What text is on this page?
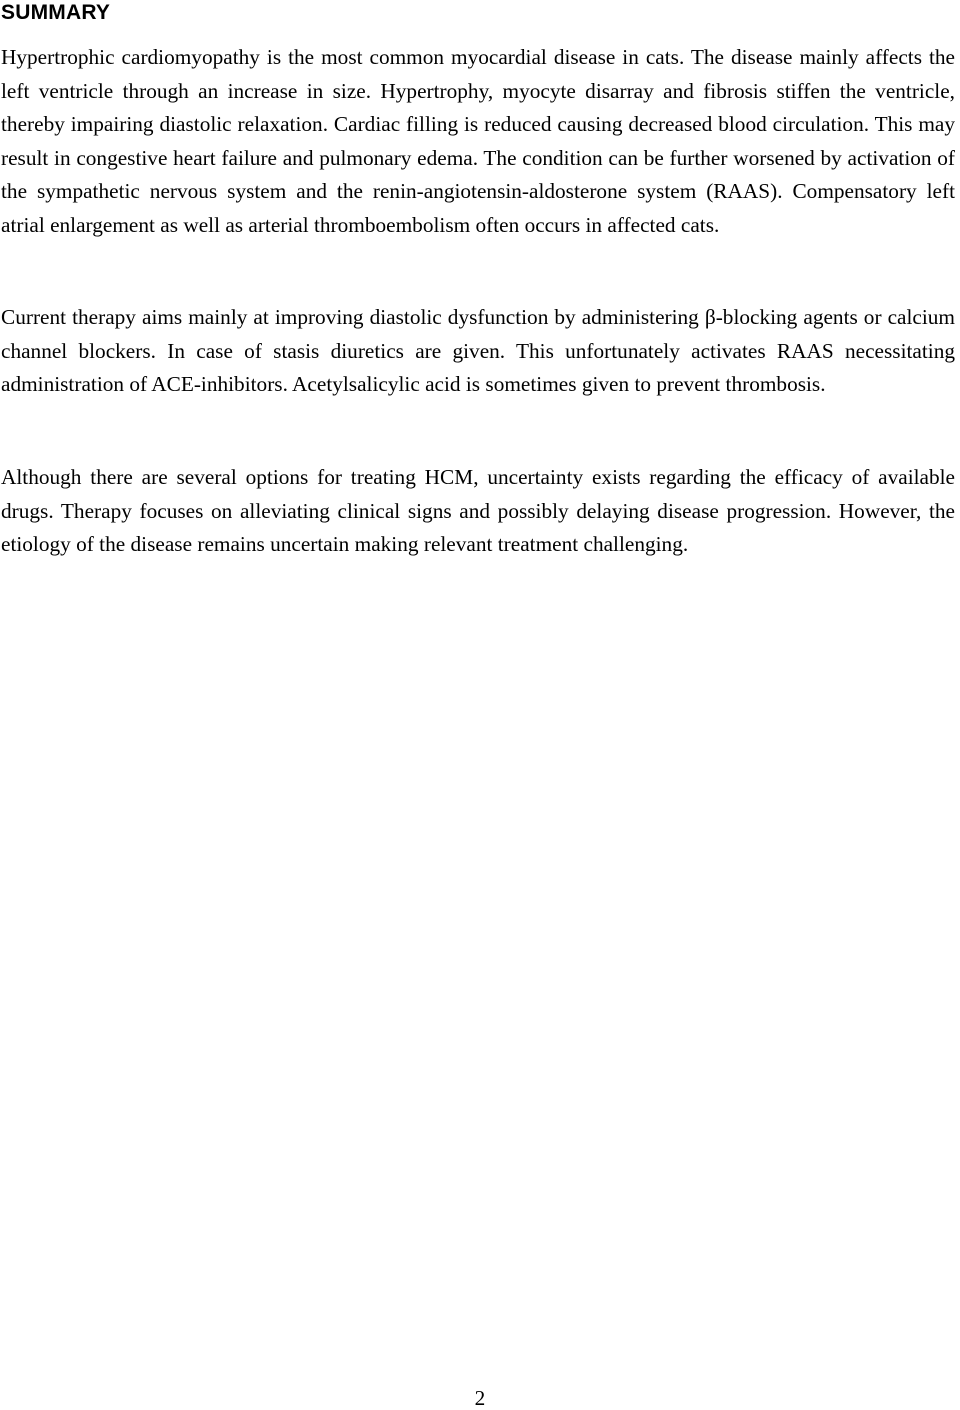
SUMMARY

Hypertrophic cardiomyopathy is the most common myocardial disease in cats. The disease mainly affects the left ventricle through an increase in size. Hypertrophy, myocyte disarray and fibrosis stiffen the ventricle, thereby impairing diastolic relaxation. Cardiac filling is reduced causing decreased blood circulation. This may result in congestive heart failure and pulmonary edema. The condition can be further worsened by activation of the sympathetic nervous system and the renin-angiotensin-aldosterone system (RAAS). Compensatory left atrial enlargement as well as arterial thromboembolism often occurs in affected cats.

Current therapy aims mainly at improving diastolic dysfunction by administering β-blocking agents or calcium channel blockers. In case of stasis diuretics are given. This unfortunately activates RAAS necessitating administration of ACE-inhibitors. Acetylsalicylic acid is sometimes given to prevent thrombosis.

Although there are several options for treating HCM, uncertainty exists regarding the efficacy of available drugs. Therapy focuses on alleviating clinical signs and possibly delaying disease progression. However, the etiology of the disease remains uncertain making relevant treatment challenging.

2
